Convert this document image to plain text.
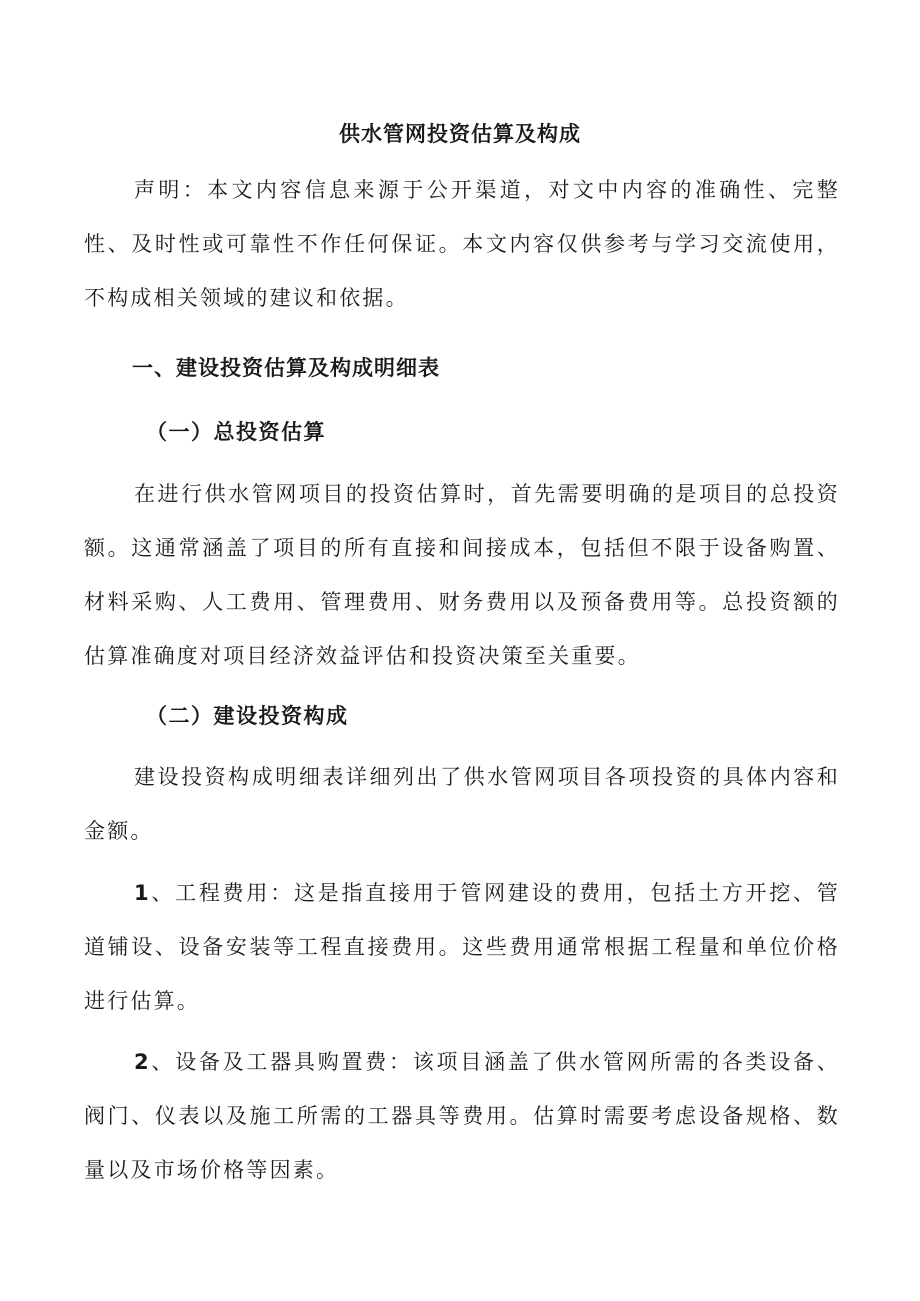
供水管网投资估算及构成

声明：本文内容信息来源于公开渠道，对文中内容的准确性、完整性、及时性或可靠性不作任何保证。本文内容仅供参考与学习交流使用，不构成相关领域的建议和依据。

一、建设投资估算及构成明细表
（一）总投资估算

在进行供水管网项目的投资估算时，首先需要明确的是项目的总投资额。这通常涵盖了项目的所有直接和间接成本，包括但不限于设备购置、材料采购、人工费用、管理费用、财务费用以及预备费用等。总投资额的估算准确度对项目经济效益评估和投资决策至关重要。

（二）建设投资构成

建设投资构成明细表详细列出了供水管网项目各项投资的具体内容和金额。

1、工程费用：这是指直接用于管网建设的费用，包括土方开挖、管道铺设、设备安装等工程直接费用。这些费用通常根据工程量和单位价格进行估算。

2、设备及工器具购置费：该项目涵盖了供水管网所需的各类设备、阀门、仪表以及施工所需的工器具等费用。估算时需要考虑设备规格、数量以及市场价格等因素。
